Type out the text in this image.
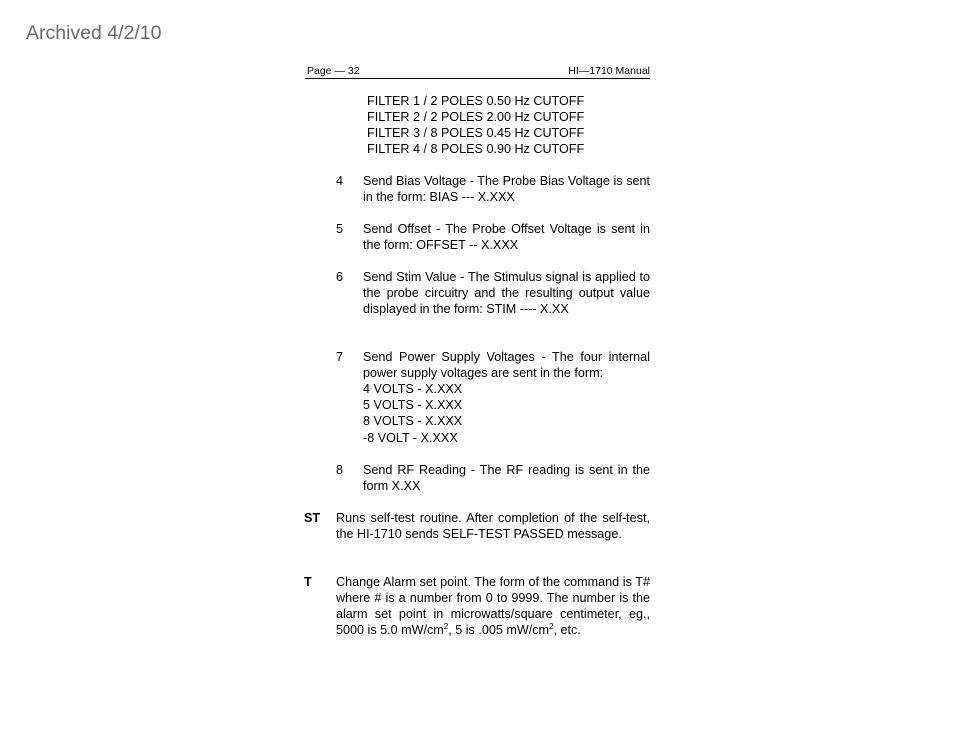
Archived 4/2/10
Page — 32	HI—1710 Manual
FILTER 1 / 2 POLES 0.50 Hz CUTOFF
FILTER 2 / 2 POLES 2.00 Hz CUTOFF
FILTER 3 / 8 POLES 0.45 Hz CUTOFF
FILTER 4 / 8 POLES 0.90 Hz CUTOFF
4 Send Bias Voltage - The Probe Bias Voltage is sent in the form: BIAS --- X.XXX
5 Send Offset - The Probe Offset Voltage is sent in the form: OFFSET -- X.XXX
6 Send Stim Value - The Stimulus signal is applied to the probe circuitry and the resulting output value displayed in the form: STIM ---- X.XX
7 Send Power Supply Voltages - The four internal power supply voltages are sent in the form:
4 VOLTS - X.XXX
5 VOLTS - X.XXX
8 VOLTS - X.XXX
-8 VOLT - X.XXX
8 Send RF Reading - The RF reading is sent in the form X.XX
ST Runs self-test routine. After completion of the self-test, the HI-1710 sends SELF-TEST PASSED message.
T Change Alarm set point. The form of the command is T# where # is a number from 0 to 9999. The number is the alarm set point in microwatts/square centimeter, eg., 5000 is 5.0 $mW/cm^2$, 5 is .005 $mW/cm^2$, etc.
